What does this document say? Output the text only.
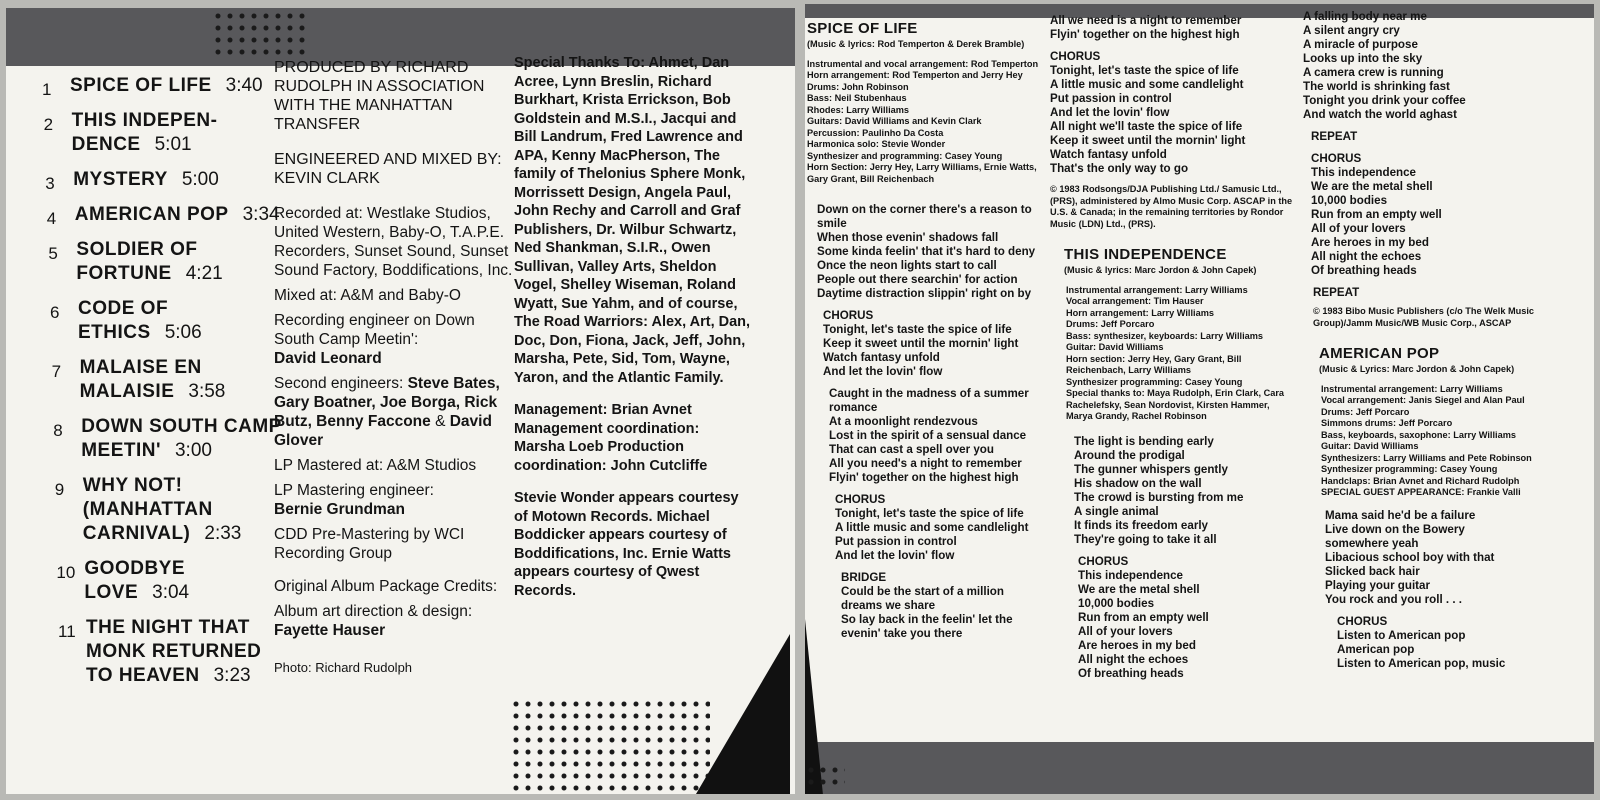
1 SPICE OF LIFE 3:40
2 THIS INDEPEN-DENCE 5:01
3 MYSTERY 5:00
4 AMERICAN POP 3:34
5 SOLDIER OF FORTUNE 4:21
6 CODE OF ETHICS 5:06
7 MALAISE EN MALAISIE 3:58
8 DOWN SOUTH CAMP MEETIN' 3:00
9 WHY NOT! (MANHATTAN CARNIVAL) 2:33
10 GOODBYE LOVE 3:04
11 THE NIGHT THAT MONK RETURNED TO HEAVEN 3:23

PRODUCED BY RICHARD RUDOLPH IN ASSOCIATION WITH THE MANHATTAN TRANSFER

ENGINEERED AND MIXED BY: KEVIN CLARK

Recorded at: Westlake Studios, United Western, Baby-O, T.A.P.E. Recorders, Sunset Sound, Sunset Sound Factory, Boddifications, Inc.

Mixed at: A&M and Baby-O

Recording engineer on Down South Camp Meetin':
David Leonard

Second engineers: Steve Bates, Gary Boatner, Joe Borga, Rick Butz, Benny Faccone & David Glover

LP Mastered at: A&M Studios

LP Mastering engineer:
Bernie Grundman

CDD Pre-Mastering by WCI Recording Group

Original Album Package Credits:

Album art direction & design: Fayette Hauser

Photo: Richard Rudolph

Special Thanks To: Ahmet, Dan Acree, Lynn Breslin, Richard Burkhart, Krista Errickson, Bob Goldstein and M.S.I., Jacqui and Bill Landrum, Fred Lawrence and APA, Kenny MacPherson, The family of Thelonius Sphere Monk, Morrissett Design, Angela Paul, John Rechy and Carroll and Graf Publishers, Dr. Wilbur Schwartz, Ned Shankman, S.I.R., Owen Sullivan, Valley Arts, Sheldon Vogel, Shelley Wiseman, Roland Wyatt, Sue Yahm, and of course, The Road Warriors: Alex, Art, Dan, Doc, Don, Fiona, Jack, Jeff, John, Marsha, Pete, Sid, Tom, Wayne, Yaron, and the Atlantic Family.

Management: Brian Avnet Management coordination: Marsha Loeb Production coordination: John Cutcliffe

Stevie Wonder appears courtesy of Motown Records. Michael Boddicker appears courtesy of Boddifications, Inc. Ernie Watts appears courtesy of Qwest Records.

SPICE OF LIFE

(Music & lyrics: Rod Temperton & Derek Bramble)

Instrumental and vocal arrangement: Rod Temperton
Horn arrangement: Rod Temperton and Jerry Hey
Drums: John Robinson
Bass: Neil Stubenhaus
Rhodes: Larry Williams
Guitars: David Williams and Kevin Clark
Percussion: Paulinho Da Costa
Harmonica solo: Stevie Wonder
Synthesizer and programming: Casey Young
Horn Section: Jerry Hey, Larry Williams, Ernie Watts, Gary Grant, Bill Reichenbach

Down on the corner there's a reason to smile
When those evenin' shadows fall
Some kinda feelin' that it's hard to deny
Once the neon lights start to call
People out there searchin' for action
Daytime distraction slippin' right on by

CHORUS

Tonight, let's taste the spice of life
Keep it sweet until the mornin' light
Watch fantasy unfold
And let the lovin' flow

Caught in the madness of a summer romance
At a moonlight rendezvous
Lost in the spirit of a sensual dance
That can cast a spell over you
All you need's a night to remember
Flyin' together on the highest high

CHORUS

Tonight, let's taste the spice of life
A little music and some candlelight
Put passion in control
And let the lovin' flow

BRIDGE

Could be the start of a million dreams we share
So lay back in the feelin' let the evenin' take you there

All we need is a night to remember
Flyin' together on the highest high

CHORUS

Tonight, let's taste the spice of life
A little music and some candlelight
Put passion in control
And let the lovin' flow
All night we'll taste the spice of life
Keep it sweet until the mornin' light
Watch fantasy unfold
That's the only way to go

© 1983 Rodsongs/DJA Publishing Ltd./ Samusic Ltd., (PRS), administered by Almo Music Corp. ASCAP in the U.S. & Canada; in the remaining territories by Rondor Music (LDN) Ltd., (PRS).

THIS INDEPENDENCE

(Music & lyrics: Marc Jordon & John Capek)

Instrumental arrangement: Larry Williams
Vocal arrangement: Tim Hauser
Horn arrangement: Larry Williams
Drums: Jeff Porcaro
Bass: synthesizer, keyboards: Larry Williams
Guitar: David Williams
Horn section: Jerry Hey, Gary Grant, Bill Reichenbach, Larry Williams
Synthesizer programming: Casey Young
Special thanks to: Maya Rudolph, Erin Clark, Cara Rachelefsky, Sean Nordovist, Kirsten Hammer, Marya Grandy, Rachel Robinson

The light is bending early
Around the prodigal
The gunner whispers gently
His shadow on the wall
The crowd is bursting from me
A single animal
It finds its freedom early
They're going to take it all

CHORUS

This independence
We are the metal shell
10,000 bodies
Run from an empty well
All of your lovers
Are heroes in my bed
All night the echoes
Of breathing heads

A falling body near me
A silent angry cry
A miracle of purpose
Looks up into the sky
A camera crew is running
The world is shrinking fast
Tonight you drink your coffee
And watch the world aghast

REPEAT

CHORUS

This independence
We are the metal shell
10,000 bodies
Run from an empty well
All of your lovers
Are heroes in my bed
All night the echoes
Of breathing heads

REPEAT

© 1983 Bibo Music Publishers (c/o The Welk Music Group)/Jamm Music/WB Music Corp., ASCAP

AMERICAN POP

(Music & Lyrics: Marc Jordon & John Capek)

Instrumental arrangement: Larry Williams
Vocal arrangement: Janis Siegel and Alan Paul
Drums: Jeff Porcaro
Simmons drums: Jeff Porcaro
Bass, keyboards, saxophone: Larry Williams
Guitar: David Williams
Synthesizers: Larry Williams and Pete Robinson
Synthesizer programming: Casey Young
Handclaps: Brian Avnet and Richard Rudolph
SPECIAL GUEST APPEARANCE: Frankie Valli

Mama said he'd be a failure
Live down on the Bowery
somewhere yeah
Libacious school boy with that
Slicked back hair
Playing your guitar
You rock and you roll . . .

CHORUS

Listen to American pop
American pop
Listen to American pop, music
